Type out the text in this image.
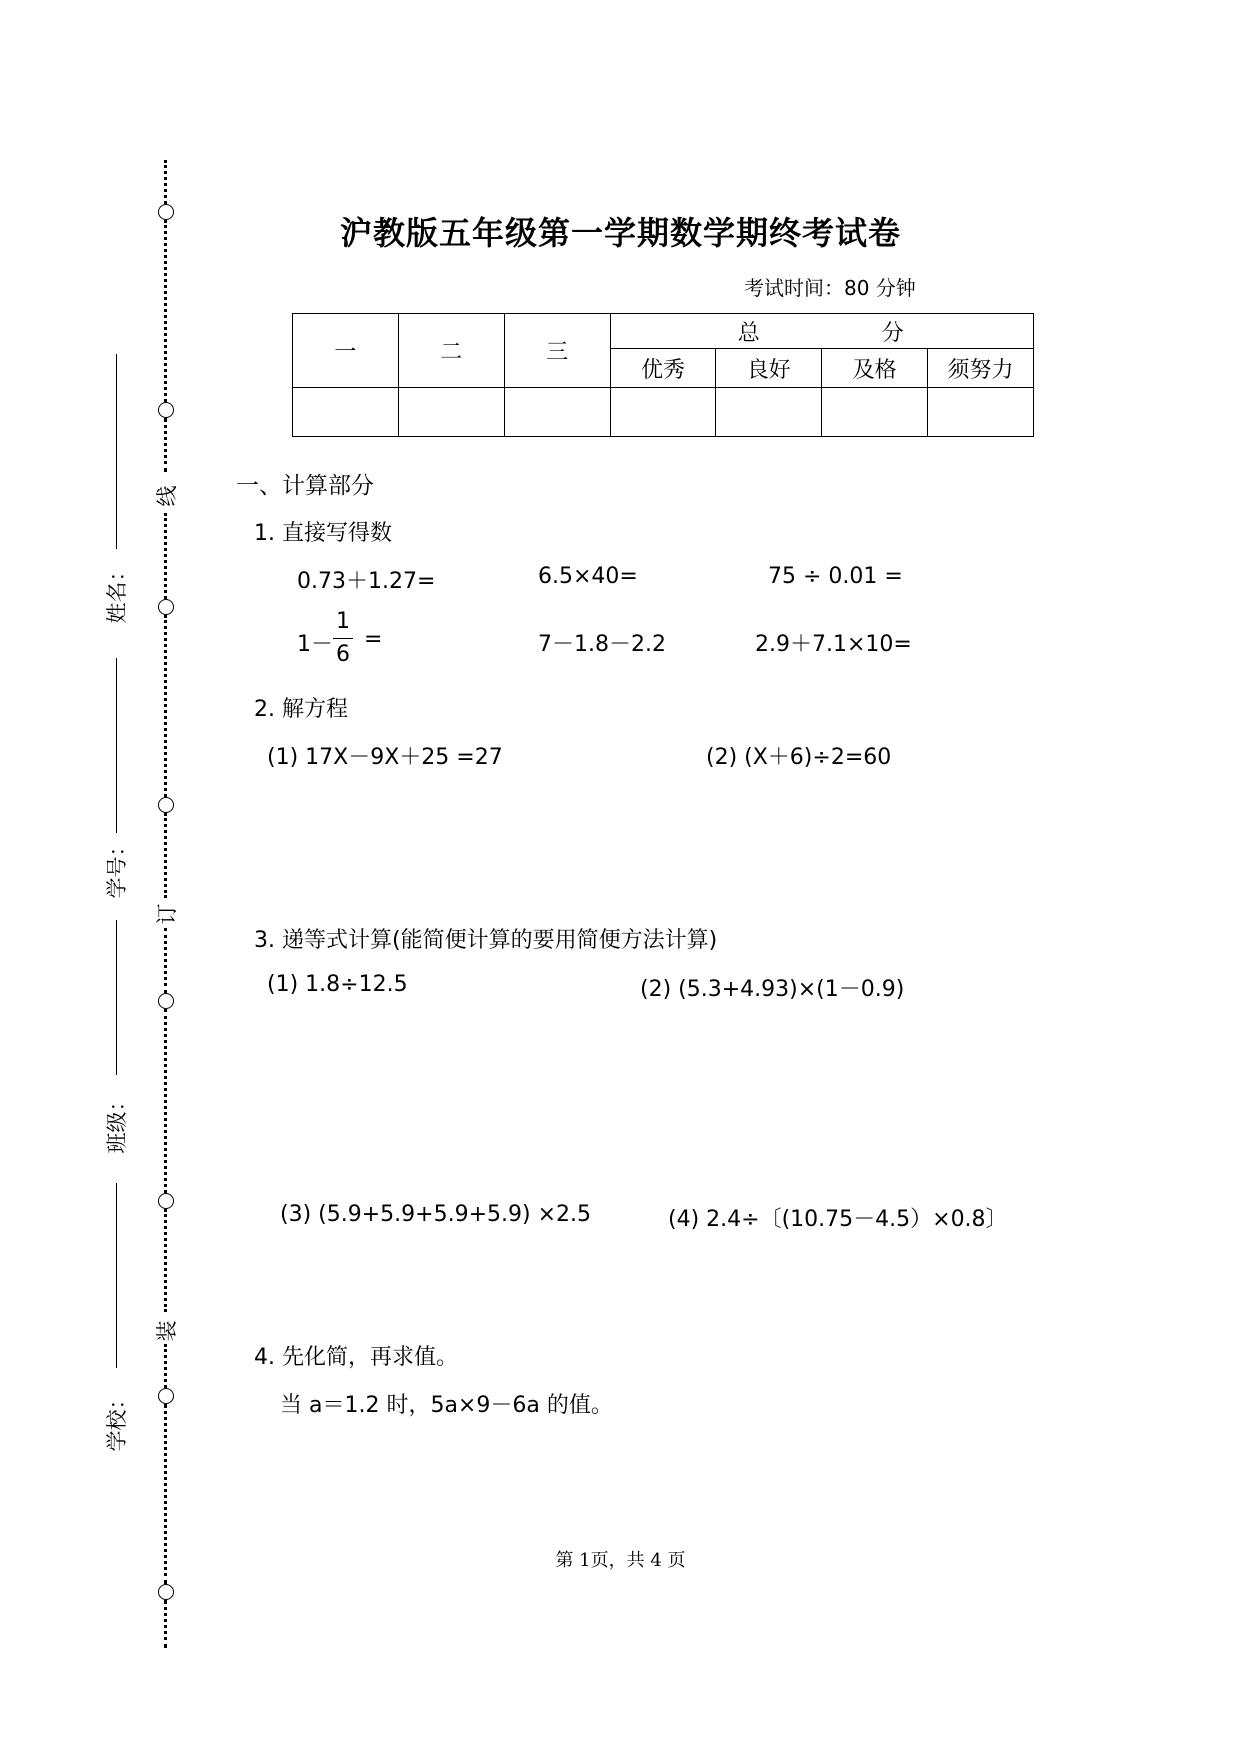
线
订
装
姓名：
学号：
班级：
学校：
沪教版五年级第一学期数学期终考试卷
考试时间：80 分钟
一	二	三	总 分			
			优秀	良好	及格	须努力

一、计算部分
1. 直接写得数
0.73＋1.27=	6.5×40=	75 ÷ 0.01 =
1－
1
6
=	7－1.8－2.2	2.9＋7.1×10=
2. 解方程
(1) 17X－9X＋25 =27	(2) (X＋6)÷2=60
3. 递等式计算(能简便计算的要用简便方法计算)
(1) 1.8÷12.5	(2) (5.3+4.93)×(1－0.9)
(3) (5.9+5.9+5.9+5.9) ×2.5	(4) 2.4÷〔(10.75－4.5）×0.8〕
4. 先化简，再求值。
当 a＝1.2 时，5a×9－6a 的值。
第 1页，共 4 页
